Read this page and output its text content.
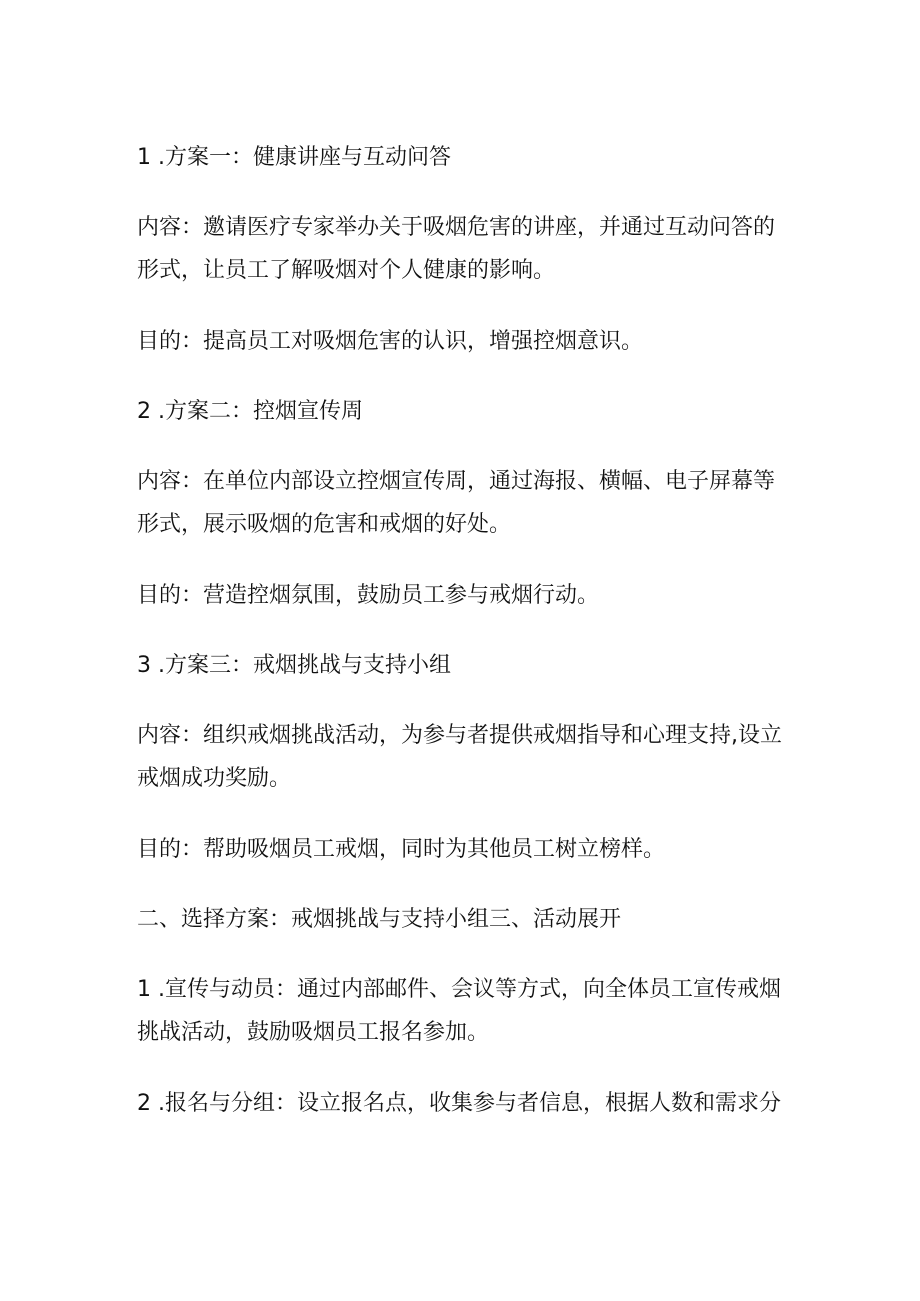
1 .方案一：健康讲座与互动问答

内容：邀请医疗专家举办关于吸烟危害的讲座，并通过互动问答的形式，让员工了解吸烟对个人健康的影响。

目的：提高员工对吸烟危害的认识，增强控烟意识。

2 .方案二：控烟宣传周

内容：在单位内部设立控烟宣传周，通过海报、横幅、电子屏幕等形式，展示吸烟的危害和戒烟的好处。

目的：营造控烟氛围，鼓励员工参与戒烟行动。

3 .方案三：戒烟挑战与支持小组

内容：组织戒烟挑战活动，为参与者提供戒烟指导和心理支持,设立戒烟成功奖励。

目的：帮助吸烟员工戒烟，同时为其他员工树立榜样。

二、选择方案：戒烟挑战与支持小组三、活动展开

1 .宣传与动员：通过内部邮件、会议等方式，向全体员工宣传戒烟挑战活动，鼓励吸烟员工报名参加。

2 .报名与分组：设立报名点，收集参与者信息，根据人数和需求分
